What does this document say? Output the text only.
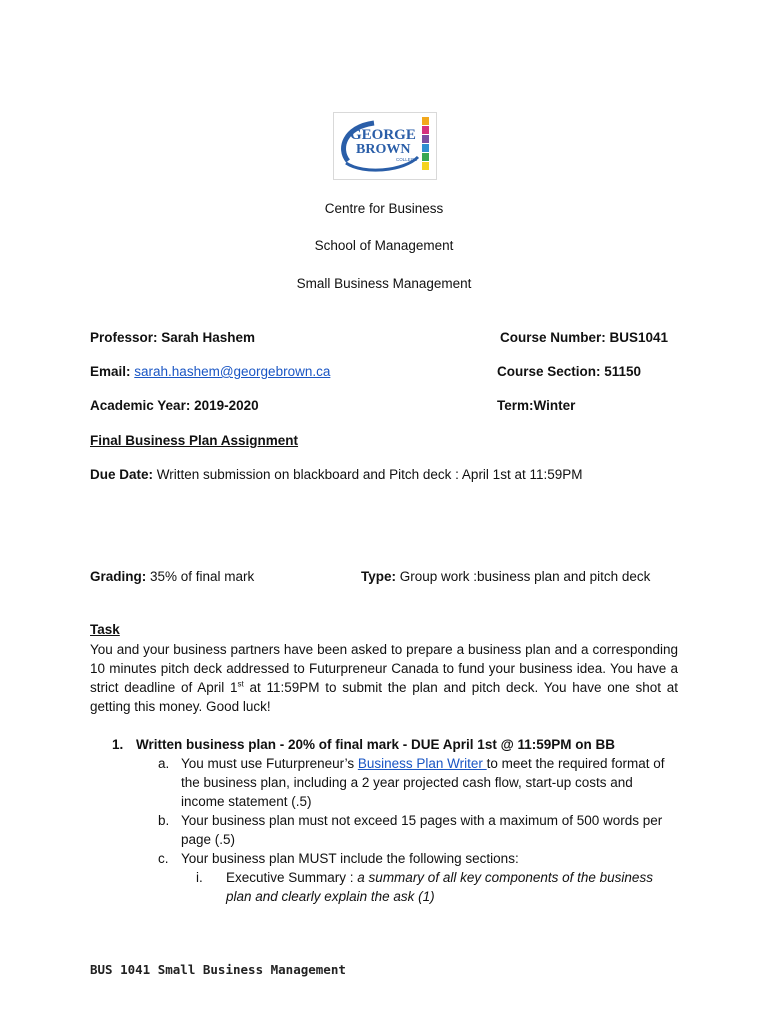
GEORGE
BROWN
COLLEGE
Centre for Business
School of Management
Small Business Management
Professor: Sarah Hashem	Course Number: BUS1041
Email: sarah.hashem@georgebrown.ca	Course Section: 51150
Academic Year: 2019-2020	Term:Winter
Final Business Plan Assignment
Due Date: Written submission on blackboard and Pitch deck : April 1st at 11:59PM
Grading: 35% of final mark	Type: Group work :business plan and pitch deck
Task
You and your business partners have been asked to prepare a business plan and a corresponding 10 minutes pitch deck addressed to Futurpreneur Canada to fund your business idea. You have a strict deadline of April 1st at 11:59PM to submit the plan and pitch deck. You have one shot at getting this money. Good luck!
1. Written business plan - 20% of final mark - DUE April 1st @ 11:59PM on BB
a. You must use Futurpreneur’s Business Plan Writer to meet the required format of the business plan, including a 2 year projected cash flow, start-up costs and income statement (.5)
b. Your business plan must not exceed 15 pages with a maximum of 500 words per page (.5)
c. Your business plan MUST include the following sections:
i. Executive Summary : a summary of all key components of the business plan and clearly explain the ask (1)
BUS 1041 Small Business Management
